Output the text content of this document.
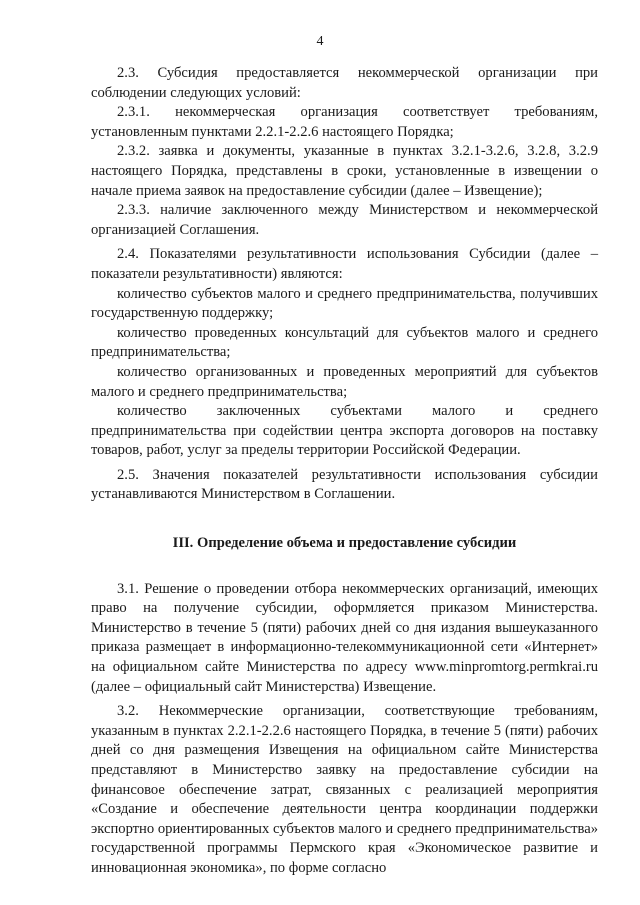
4

2.3. Субсидия предоставляется некоммерческой организации при соблюдении следующих условий:

2.3.1. некоммерческая организация соответствует требованиям, установленным пунктами 2.2.1-2.2.6 настоящего Порядка;

2.3.2. заявка и документы, указанные в пунктах 3.2.1-3.2.6, 3.2.8, 3.2.9 настоящего Порядка, представлены в сроки, установленные в извещении о начале приема заявок на предоставление субсидии (далее – Извещение);

2.3.3. наличие заключенного между Министерством и некоммерческой организацией Соглашения.

2.4. Показателями результативности использования Субсидии (далее – показатели результативности) являются:

количество субъектов малого и среднего предпринимательства, получивших государственную поддержку;

количество проведенных консультаций для субъектов малого и среднего предпринимательства;

количество организованных и проведенных мероприятий для субъектов малого и среднего предпринимательства;

количество заключенных субъектами малого и среднего предпринимательства при содействии центра экспорта договоров на поставку товаров, работ, услуг за пределы территории Российской Федерации.

2.5. Значения показателей результативности использования субсидии устанавливаются Министерством в Соглашении.

III. Определение объема и предоставление субсидии

3.1. Решение о проведении отбора некоммерческих организаций, имеющих право на получение субсидии, оформляется приказом Министерства. Министерство в течение 5 (пяти) рабочих дней со дня издания вышеуказанного приказа размещает в информационно-телекоммуникационной сети «Интернет» на официальном сайте Министерства по адресу www.minpromtorg.permkrai.ru (далее – официальный сайт Министерства) Извещение.

3.2. Некоммерческие организации, соответствующие требованиям, указанным в пунктах 2.2.1-2.2.6 настоящего Порядка, в течение 5 (пяти) рабочих дней со дня размещения Извещения на официальном сайте Министерства представляют в Министерство заявку на предоставление субсидии на финансовое обеспечение затрат, связанных с реализацией мероприятия «Создание и обеспечение деятельности центра координации поддержки экспортно ориентированных субъектов малого и среднего предпринимательства» государственной программы Пермского края «Экономическое развитие и инновационная экономика», по форме согласно
